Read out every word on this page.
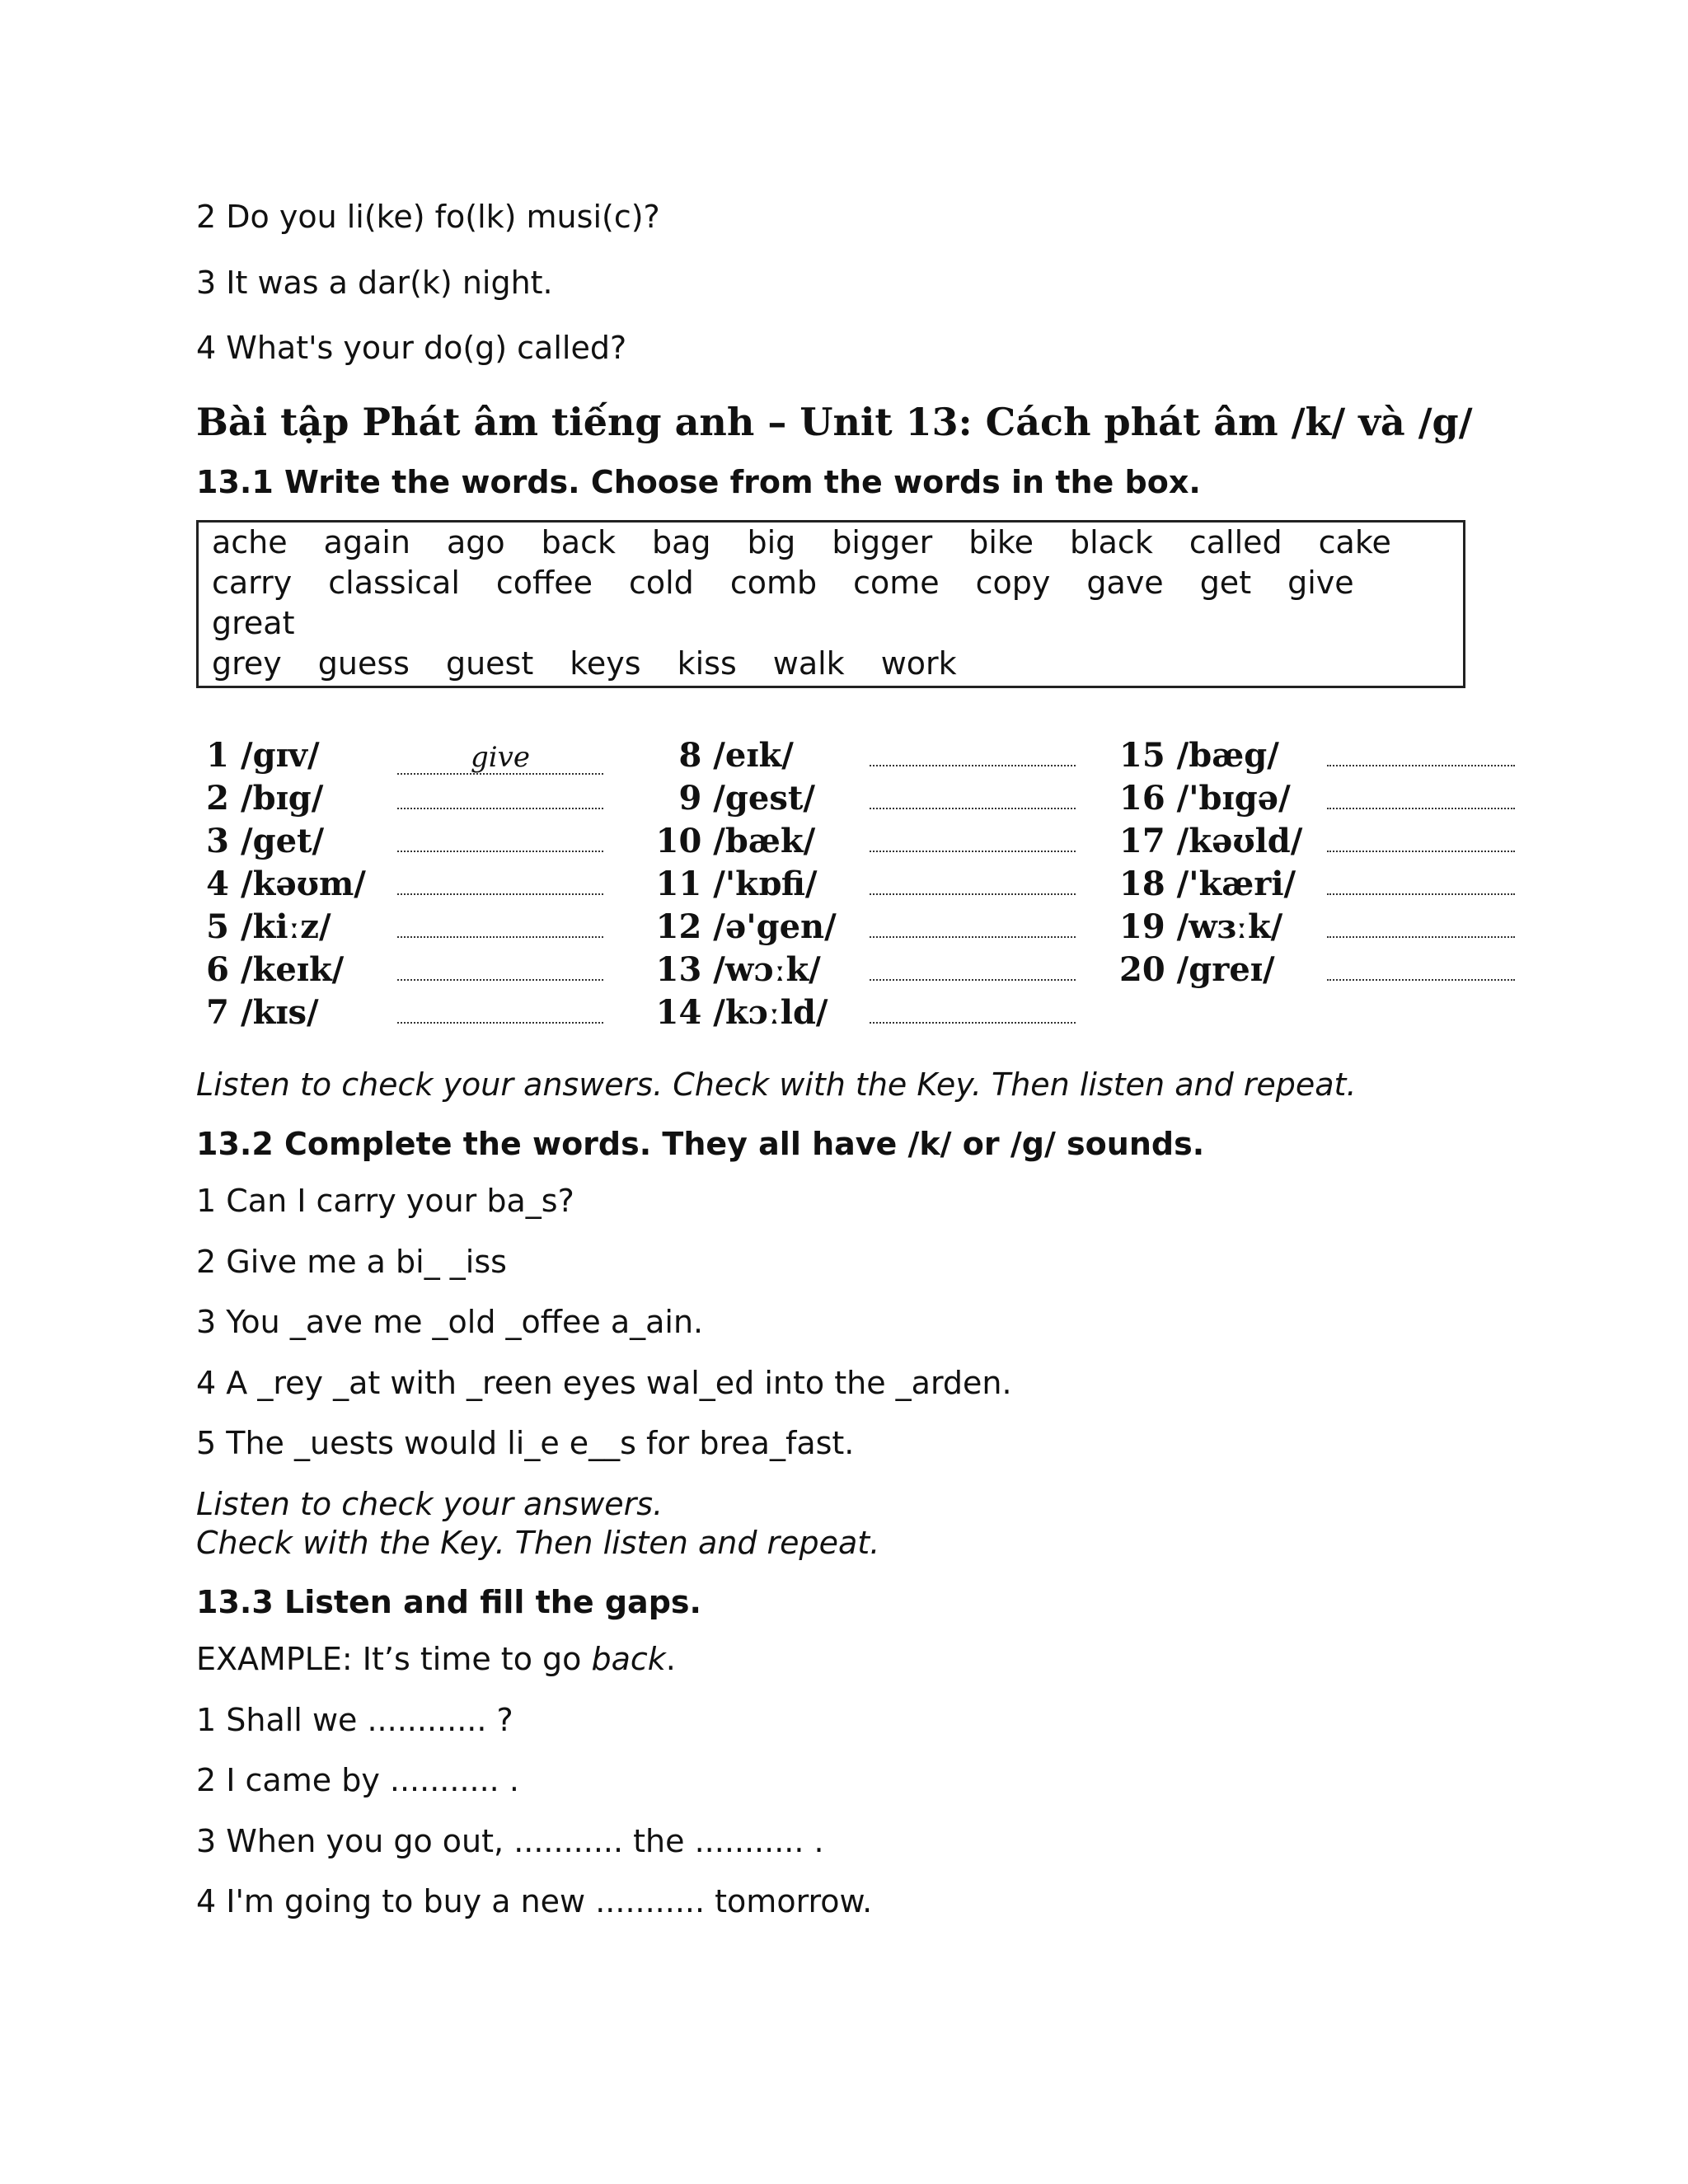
2 Do you li(ke) fo(lk) musi(c)?

3 It was a dar(k) night.

4 What's your do(g) called?

Bài tập Phát âm tiếng anh – Unit 13: Cách phát âm /k/ và /g/

13.1 Write the words. Choose from the words in the box.

ache again ago back bag big bigger bike black called cake
carry classical coffee cold comb come copy gave get give
great
grey guess guest keys kiss walk work
1 /gɪv/	give
2 /bɪg/
3 /get/
4 /kəʊm/
5 /kiːz/
6 /keɪk/
7 /kɪs/
8 /eɪk/
9 /gest/
10 /bæk/
11 /'kɒfi/
12 /ə'gen/
13 /wɔːk/
14 /kɔːld/
15 /bæg/
16 /'bɪgə/
17 /kəʊld/
18 /'kæri/
19 /wɜːk/
20 /greɪ/

Listen to check your answers. Check with the Key. Then listen and repeat.

13.2 Complete the words. They all have /k/ or /g/ sounds.

1 Can I carry your ba_s?

2 Give me a bi_ _iss

3 You _ave me _old _offee a_ain.

4 A _rey _at with _reen eyes wal_ed into the _arden.

5 The _uests would li_e e__s for brea_fast.

Listen to check your answers.

Check with the Key. Then listen and repeat.

13.3 Listen and fill the gaps.

EXAMPLE: It’s time to go back.

1 Shall we ............ ?

2 I came by ........... .

3 When you go out, ........... the ........... .

4 I'm going to buy a new ........... tomorrow.
